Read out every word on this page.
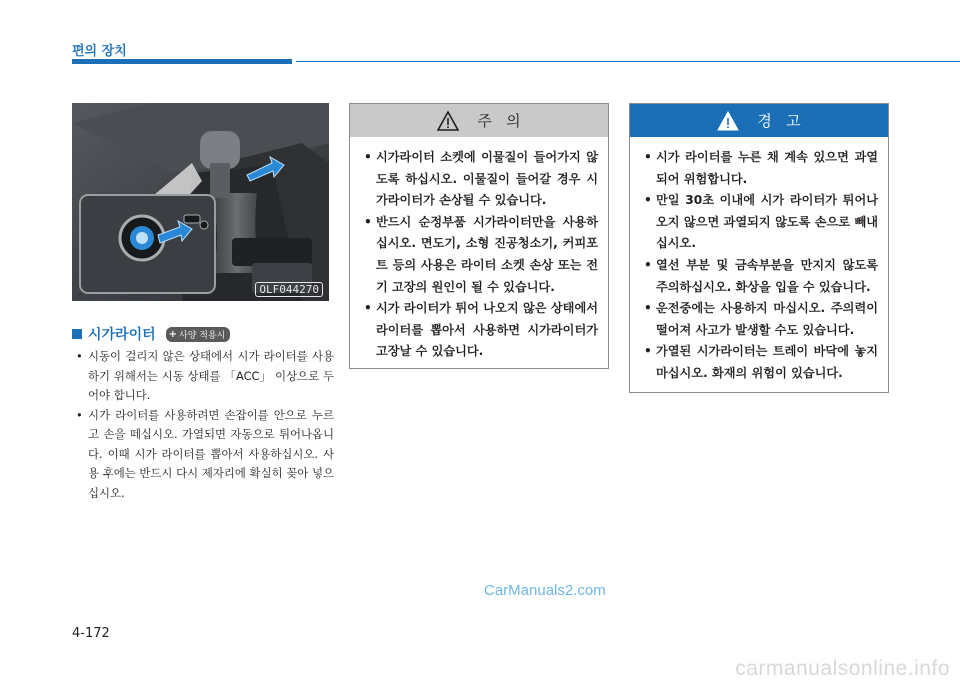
편의 장치
OLF044270
시가라이터 + 사양 적용시
• 시동이 걸리지 않은 상태에서 시가 라이터를 사용하기 위해서는 시동 상태를 「ACC」 이상으로 두어야 합니다.
• 시가 라이터를 사용하려면 손잡이를 안으로 누르고 손을 떼십시오. 가열되면 자동으로 튀어나옵니다. 이때 시가 라이터를 뽑아서 사용하십시오. 사용 후에는 반드시 다시 제자리에 확실히 꽂아 넣으십시오.
주   의
• 시가라이터 소켓에 이물질이 들어가지 않도록 하십시오. 이물질이 들어갈 경우 시가라이터가 손상될 수 있습니다.
• 반드시 순정부품 시가라이터만을 사용하십시오. 면도기, 소형 진공청소기, 커피포트 등의 사용은 라이터 소켓 손상 또는 전기 고장의 원인이 될 수 있습니다.
• 시가 라이터가 튀어 나오지 않은 상태에서 라이터를 뽑아서 사용하면 시가라이터가 고장날 수 있습니다.
경   고
• 시가 라이터를 누른 채 계속 있으면 과열되어 위험합니다.
• 만일 30초 이내에 시가 라이터가 튀어나오지 않으면 과열되지 않도록 손으로 빼내십시오.
• 열선 부분 및 금속부분을 만지지 않도록 주의하십시오. 화상을 입을 수 있습니다.
• 운전중에는 사용하지 마십시오. 주의력이 떨어져 사고가 발생할 수도 있습니다.
• 가열된 시가라이터는 트레이 바닥에 놓지 마십시오. 화재의 위험이 있습니다.
CarManuals2.com
4-172
carmanualsonline.info
